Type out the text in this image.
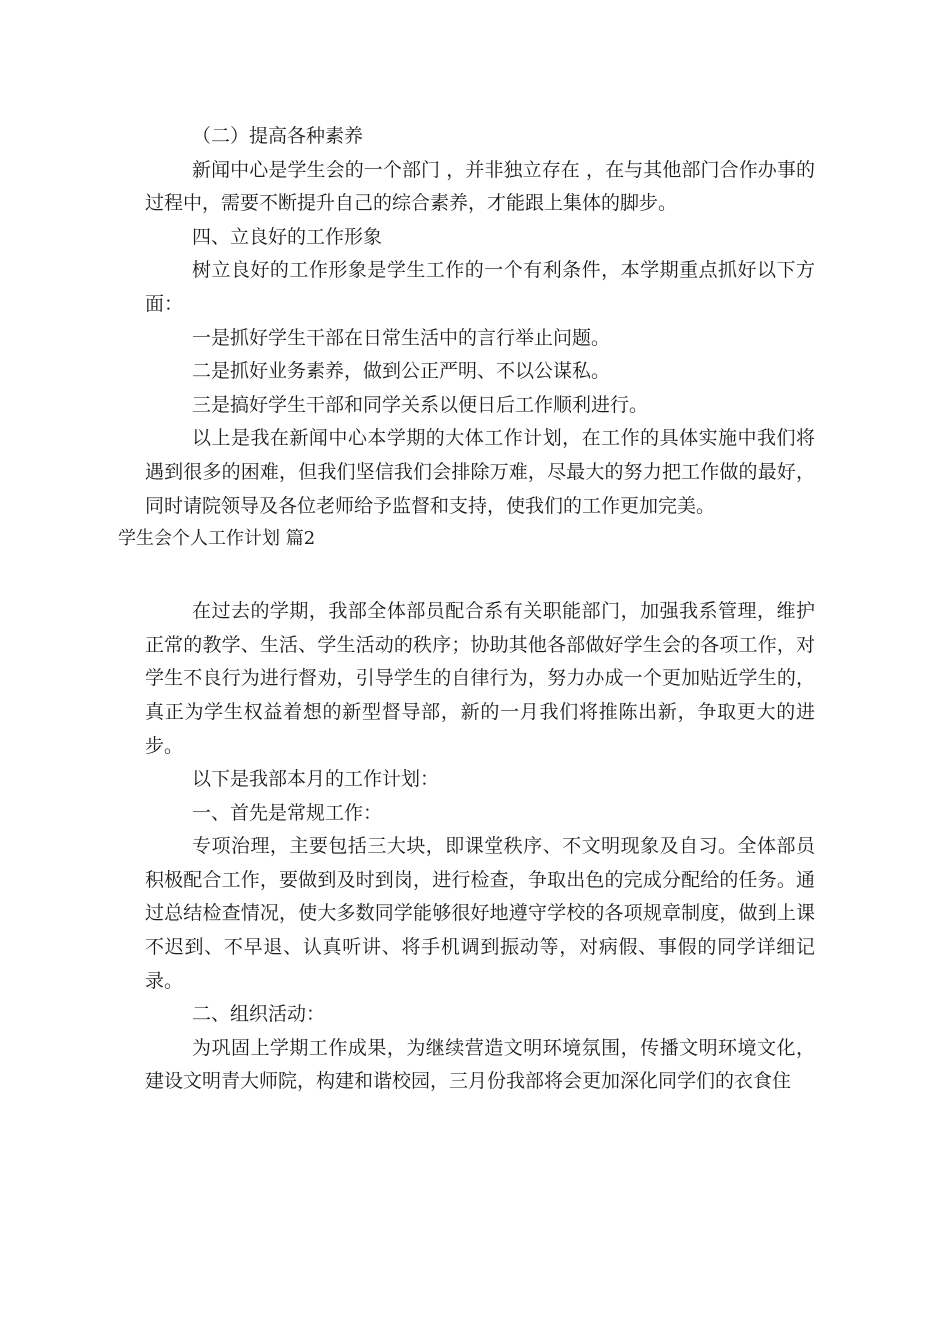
（二）提高各种素养

新闻中心是学生会的一个部门 ，并非独立存在 ，在与其他部门合作办事的过程中，需要不断提升自己的综合素养，才能跟上集体的脚步。

四、立良好的工作形象

树立良好的工作形象是学生工作的一个有利条件，本学期重点抓好以下方面：

一是抓好学生干部在日常生活中的言行举止问题。

二是抓好业务素养，做到公正严明、不以公谋私。

三是搞好学生干部和同学关系以便日后工作顺利进行。

以上是我在新闻中心本学期的大体工作计划，在工作的具体实施中我们将遇到很多的困难，但我们坚信我们会排除万难，尽最大的努力把工作做的最好，同时请院领导及各位老师给予监督和支持，使我们的工作更加完美。

学生会个人工作计划 篇2

在过去的学期，我部全体部员配合系有关职能部门，加强我系管理，维护正常的教学、生活、学生活动的秩序；协助其他各部做好学生会的各项工作，对学生不良行为进行督劝，引导学生的自律行为，努力办成一个更加贴近学生的，真正为学生权益着想的新型督导部，新的一月我们将推陈出新，争取更大的进步。

以下是我部本月的工作计划：

一、首先是常规工作：

专项治理，主要包括三大块，即课堂秩序、不文明现象及自习。全体部员积极配合工作，要做到及时到岗，进行检查，争取出色的完成分配给的任务。通过总结检查情况，使大多数同学能够很好地遵守学校的各项规章制度，做到上课不迟到、不早退、认真听讲、将手机调到振动等，对病假、事假的同学详细记录。

二、组织活动：

为巩固上学期工作成果，为继续营造文明环境氛围，传播文明环境文化，建设文明青大师院，构建和谐校园，三月份我部将会更加深化同学们的衣食住
